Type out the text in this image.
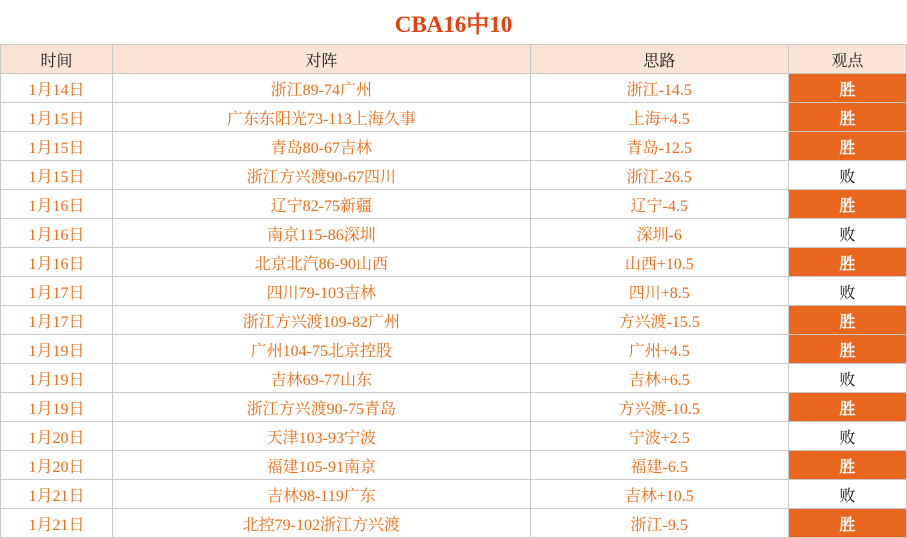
CBA16中10
时间	对阵	思路	观点
1月14日	浙江89-74广州	浙江-14.5	胜
1月15日	广东东阳光73-113上海久事	上海+4.5	胜
1月15日	青岛80-67吉林	青岛-12.5	胜
1月15日	浙江方兴渡90-67四川	浙江-26.5	败
1月16日	辽宁82-75新疆	辽宁-4.5	胜
1月16日	南京115-86深圳	深圳-6	败
1月16日	北京北汽86-90山西	山西+10.5	胜
1月17日	四川79-103吉林	四川+8.5	败
1月17日	浙江方兴渡109-82广州	方兴渡-15.5	胜
1月19日	广州104-75北京控股	广州+4.5	胜
1月19日	吉林69-77山东	吉林+6.5	败
1月19日	浙江方兴渡90-75青岛	方兴渡-10.5	胜
1月20日	天津103-93宁波	宁波+2.5	败
1月20日	福建105-91南京	福建-6.5	胜
1月21日	吉林98-119广东	吉林+10.5	败
1月21日	北控79-102浙江方兴渡	浙江-9.5	胜
